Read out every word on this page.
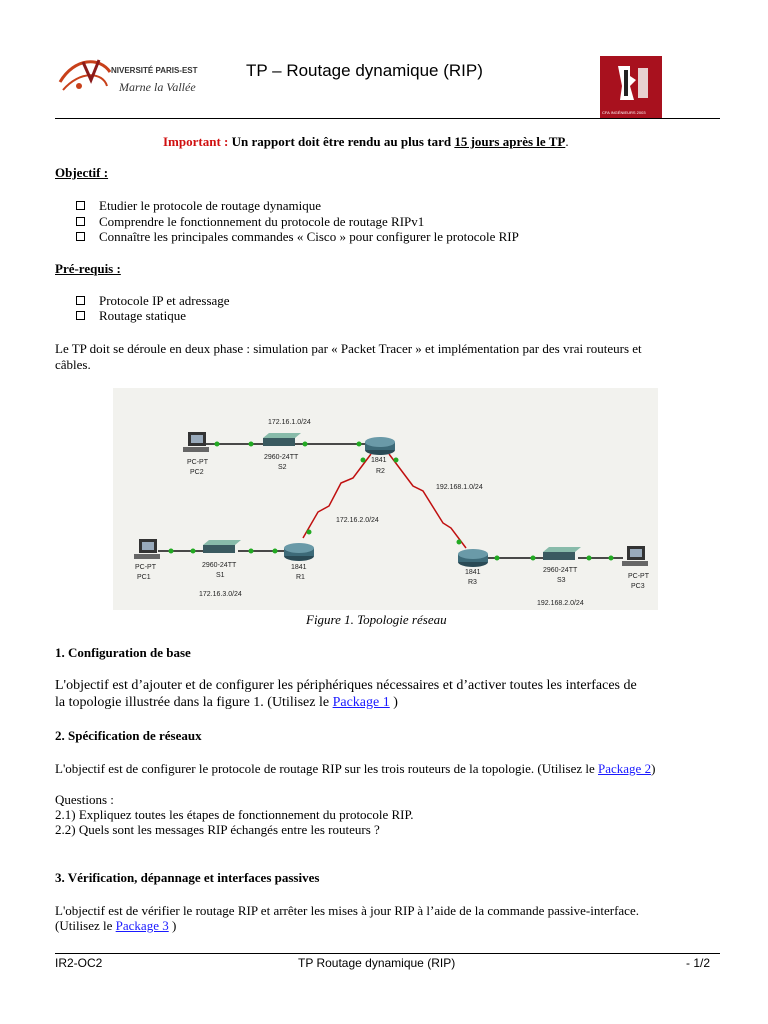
NIVERSITÉ PARIS-EST
Marne la Vallée
TP – Routage dynamique (RIP)
CFA INGÉNIEURS 2003
Important : Un rapport doit être rendu au plus tard 15 jours après le TP.
Objectif :
Etudier le protocole de routage dynamique
Comprendre le fonctionnement du protocole de routage RIPv1
Connaître les principales commandes « Cisco » pour configurer le protocole RIP
Pré-requis :
Protocole IP et adressage
Routage statique
Le TP doit se déroule en deux phase : simulation par « Packet Tracer » et implémentation par des vrai routeurs et
câbles.
172.16.1.0/24
172.16.2.0/24
192.168.1.0/24
172.16.3.0/24
192.168.2.0/24
PC-PT
PC2
2960-24TT
S2
1841
R2
PC-PT
PC1
2960-24TT
S1
1841
R1
1841
R3
2960-24TT
S3
PC-PT
PC3
Figure 1. Topologie réseau
1. Configuration de base
L'objectif est d’ajouter et de configurer les périphériques nécessaires et d’activer toutes les interfaces de
la topologie illustrée dans la figure 1. (Utilisez le Package 1 )
2. Spécification de réseaux
L'objectif est de configurer le protocole de routage RIP sur les trois routeurs de la topologie. (Utilisez le Package 2)
Questions :
2.1) Expliquez toutes les étapes de fonctionnement du protocole RIP.
2.2) Quels sont les messages RIP échangés entre les routeurs ?
3. Vérification, dépannage et interfaces passives
L'objectif est de vérifier le routage RIP et arrêter les mises à jour RIP à l’aide de la commande passive-interface.
(Utilisez le Package 3 )
IR2-OC2	TP Routage dynamique (RIP)	- 1/2
